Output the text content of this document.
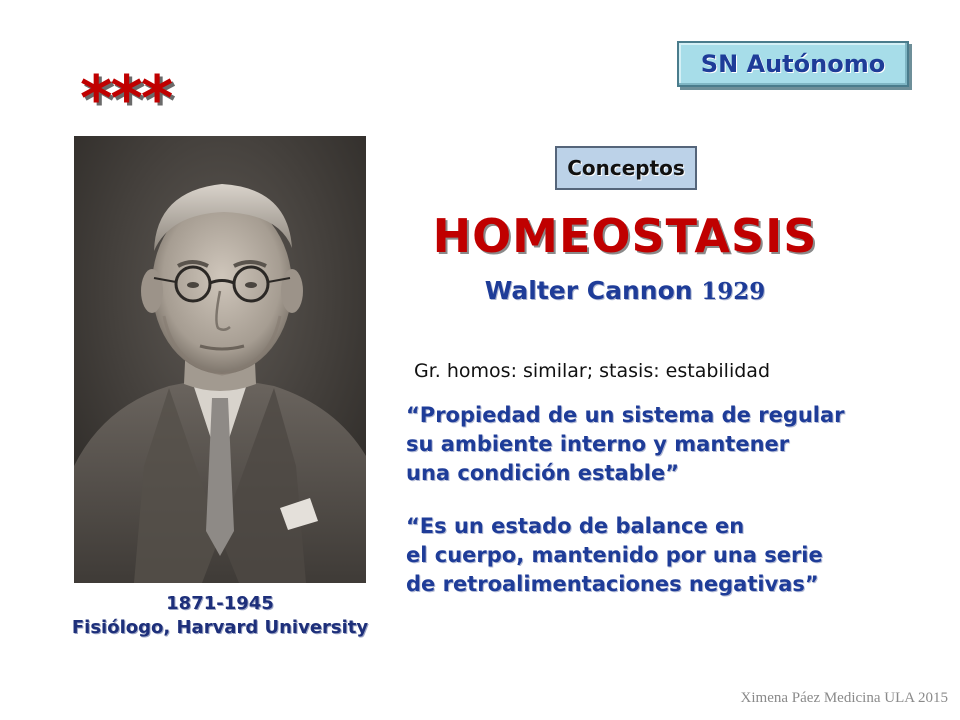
SN Autónomo
***
1871-1945
Fisiólogo, Harvard University
Conceptos
HOMEOSTASIS
Walter Cannon 1929
Gr. homos: similar; stasis: estabilidad
“Propiedad de un sistema de regular
su ambiente interno y mantener
una condición estable”
“Es un estado de balance en
el cuerpo, mantenido por una serie
de retroalimentaciones negativas”
Ximena Páez Medicina ULA 2015
